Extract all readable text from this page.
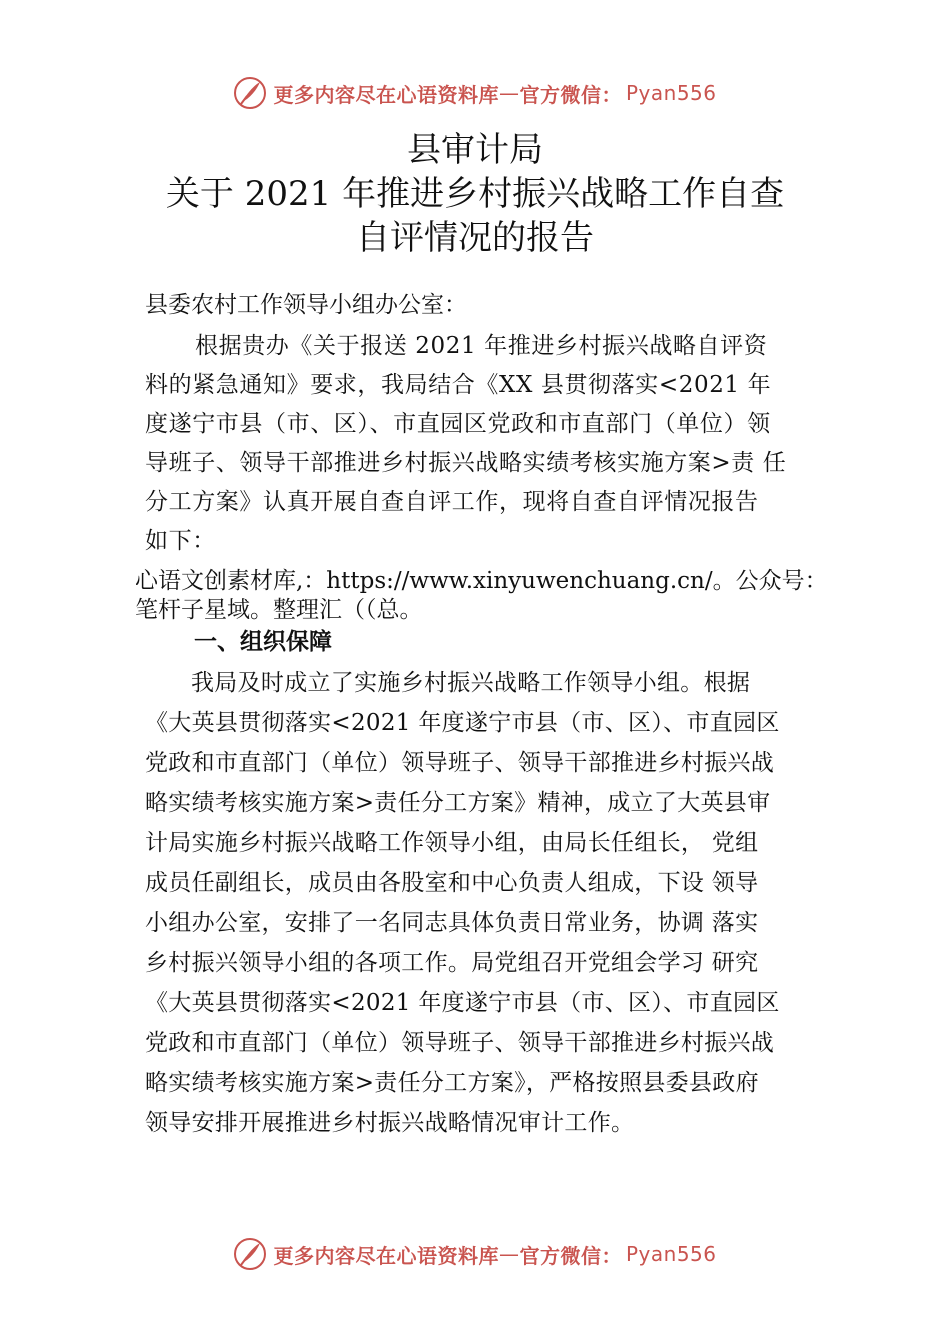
更多内容尽在心语资料库 — 官方微信： Pyan556
县审计局
关于 2021 年推进乡村振兴战略工作自查
自评情况的报告
县委农村工作领导小组办公室：
根据贵办《关于报送 2021 年推进乡村振兴战略自评资
料的紧急通知》要求，我局结合《XX 县贯彻落实<2021 年
度遂宁市县（市、区）、市直园区党政和市直部门（单位）领
导班子、领导干部推进乡村振兴战略实绩考核实施方案>责 任
分工方案》认真开展自查自评工作，现将自查自评情况报告
如下：
心语文创素材库,：https://www.xinyuwenchuang.cn/。公众号：
笔杆子星域。整理汇（（总。
一、组织保障
我局及时成立了实施乡村振兴战略工作领导小组。根据
《大英县贯彻落实<2021 年度遂宁市县（市、区）、市直园区
党政和市直部门（单位）领导班子、领导干部推进乡村振兴战
略实绩考核实施方案>责任分工方案》精神，成立了大英县审
计局实施乡村振兴战略工作领导小组，由局长任组长， 党组
成员任副组长，成员由各股室和中心负责人组成，下设 领导
小组办公室，安排了一名同志具体负责日常业务，协调 落实
乡村振兴领导小组的各项工作。局党组召开党组会学习 研究
《大英县贯彻落实<2021 年度遂宁市县（市、区）、市直园区
党政和市直部门（单位）领导班子、领导干部推进乡村振兴战
略实绩考核实施方案>责任分工方案》，严格按照县委县政府
领导安排开展推进乡村振兴战略情况审计工作。
更多内容尽在心语资料库 — 官方微信： Pyan556
